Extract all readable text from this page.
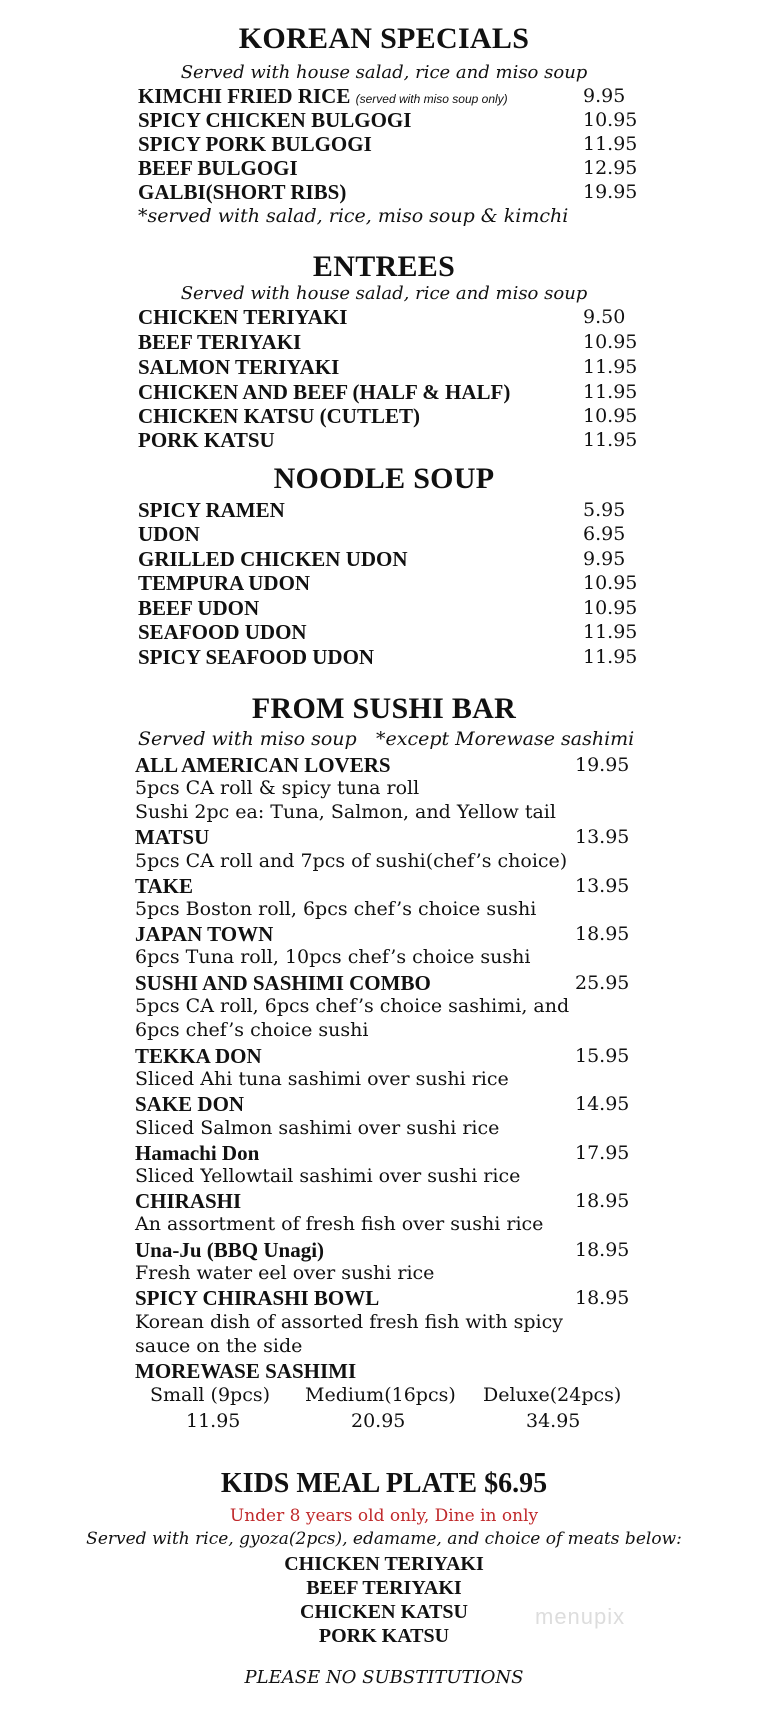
KOREAN SPECIALS
Served with house salad, rice and miso soup
KIMCHI FRIED RICE (served with miso soup only)	9.95
SPICY CHICKEN BULGOGI	10.95
SPICY PORK BULGOGI	11.95
BEEF BULGOGI	12.95
GALBI(SHORT RIBS)	19.95
*served with salad, rice, miso soup & kimchi
ENTREES
Served with house salad, rice and miso soup
CHICKEN TERIYAKI	9.50
BEEF TERIYAKI	10.95
SALMON TERIYAKI	11.95
CHICKEN AND BEEF (HALF & HALF)	11.95
CHICKEN KATSU (CUTLET)	10.95
PORK KATSU	11.95
NOODLE SOUP
SPICY RAMEN	5.95
UDON	6.95
GRILLED CHICKEN UDON	9.95
TEMPURA UDON	10.95
BEEF UDON	10.95
SEAFOOD UDON	11.95
SPICY SEAFOOD UDON	11.95
FROM SUSHI BAR
Served with miso soup *except Morewase sashimi
ALL AMERICAN LOVERS	19.95
5pcs CA roll & spicy tuna roll
Sushi 2pc ea: Tuna, Salmon, and Yellow tail
MATSU	13.95
5pcs CA roll and 7pcs of sushi(chef’s choice)
TAKE	13.95
5pcs Boston roll, 6pcs chef’s choice sushi
JAPAN TOWN	18.95
6pcs Tuna roll, 10pcs chef’s choice sushi
SUSHI AND SASHIMI COMBO	25.95
5pcs CA roll, 6pcs chef’s choice sashimi, and
6pcs chef’s choice sushi
TEKKA DON	15.95
Sliced Ahi tuna sashimi over sushi rice
SAKE DON	14.95
Sliced Salmon sashimi over sushi rice
Hamachi Don	17.95
Sliced Yellowtail sashimi over sushi rice
CHIRASHI	18.95
An assortment of fresh fish over sushi rice
Una-Ju (BBQ Unagi)	18.95
Fresh water eel over sushi rice
SPICY CHIRASHI BOWL	18.95
Korean dish of assorted fresh fish with spicy
sauce on the side
MOREWASE SASHIMI
Small (9pcs) Medium(16pcs) Deluxe(24pcs)
11.95	20.95	34.95
KIDS MEAL PLATE $6.95
Under 8 years old only, Dine in only
Served with rice, gyoza(2pcs), edamame, and choice of meats below:
CHICKEN TERIYAKI
BEEF TERIYAKI
CHICKEN KATSU
PORK KATSU
PLEASE NO SUBSTITUTIONS
menupix
